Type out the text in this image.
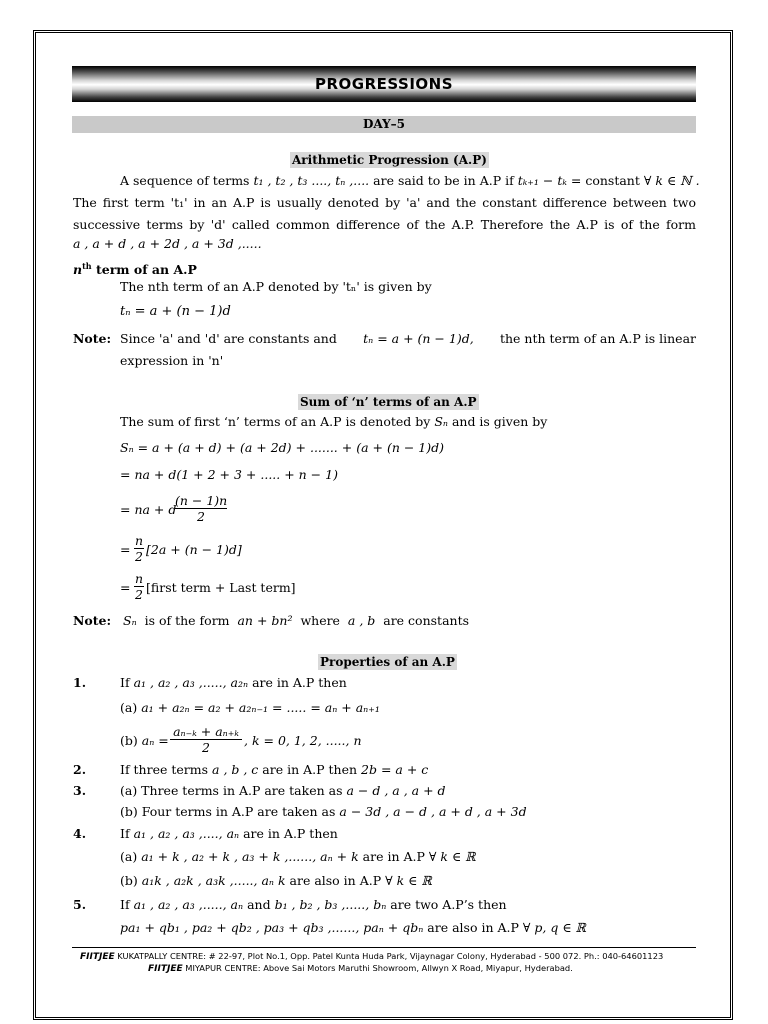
PROGRESSIONS
DAY–5
Arithmetic Progression (A.P)
A sequence of terms t₁ , t₂ , t₃ ...., tₙ ,.... are said to be in A.P if tₖ₊₁ − tₖ = constant ∀ k ∈ ℕ .
The first term 't₁' in an A.P is usually denoted by 'a' and the constant difference between two
successive terms by 'd' called common difference of the A.P. Therefore the A.P is of the form
a , a + d , a + 2d , a + 3d ,.....
$n^{th}$ term of an A.P
The nth term of an A.P denoted by 'tₙ' is given by
tₙ = a + (n − 1)d
Note: Since 'a' and 'd' are constants and tₙ = a + (n − 1)d, the nth term of an A.P is linear
expression in 'n'
Sum of ‘n’ terms of an A.P
The sum of first ‘n’ terms of an A.P is denoted by Sₙ and is given by
Sₙ = a + (a + d) + (a + 2d) + ....... + (a + (n − 1)d)
= na + d(1 + 2 + 3 + ..... + n − 1)
= na + d
$\frac{(n - 1)n}{2}$
= $\frac{n}{2} [2a + (n - 1)d]$
= $\frac{n}{2}$ [first term + Last term]
Note: Sₙ is of the form an + bn² where a , b are constants
Properties of an A.P
1.	If a₁ , a₂ , a₃ ,....., a₂ₙ are in A.P then
(a) a₁ + a₂ₙ = a₂ + a₂ₙ₋₁ = ..... = aₙ + aₙ₊₁
(b) $a_n = \frac{\text{aₙ₋ₖ + aₙ₊ₖ}}{2}$ , k = 0, 1, 2, ....., n
2.	If three terms a , b , c are in A.P then 2b = a + c
3.	(a) Three terms in A.P are taken as a − d , a , a + d
(b) Four terms in A.P are taken as a − 3d , a − d , a + d , a + 3d
4.	If a₁ , a₂ , a₃ ,...., aₙ are in A.P then
(a) a₁ + k , a₂ + k , a₃ + k ,......, aₙ + k are in A.P ∀ k ∈ ℝ
(b) a₁k , a₂k , a₃k ,....., aₙ k are also in A.P ∀ k ∈ ℝ
5.	If a₁ , a₂ , a₃ ,....., aₙ and b₁ , b₂ , b₃ ,....., bₙ are two A.P’s then
pa₁ + qb₁ , pa₂ + qb₂ , pa₃ + qb₃ ,......, paₙ + qbₙ are also in A.P ∀ p, q ∈ ℝ
FIITJEE KUKATPALLY CENTRE: # 22-97, Plot No.1, Opp. Patel Kunta Huda Park, Vijaynagar Colony, Hyderabad - 500 072. Ph.: 040-64601123
FIITJEE MIYAPUR CENTRE: Above Sai Motors Maruthi Showroom, Allwyn X Road, Miyapur, Hyderabad.
